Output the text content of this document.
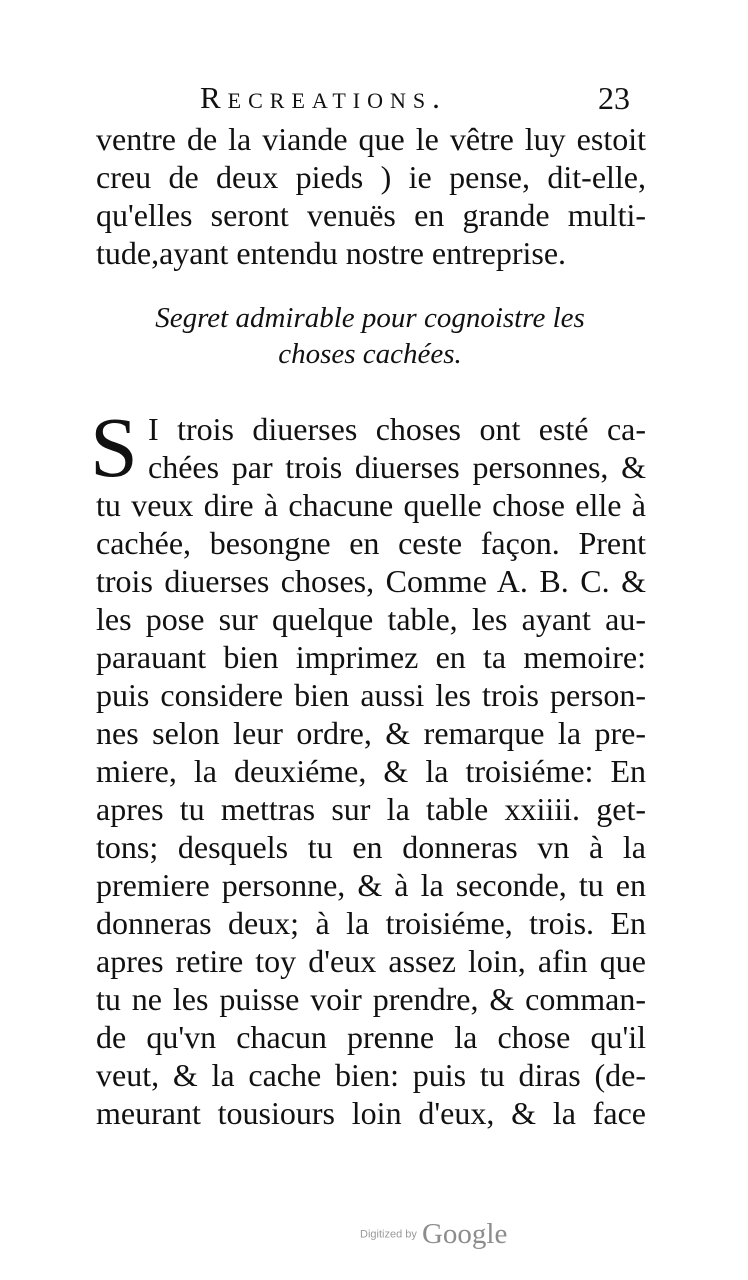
Recreations.	23
ventre de la viande que le vêtre luy estoit
creu de deux pieds ) ie pense, dit-elle,
qu'elles seront venuës en grande multi-
tude,ayant entendu nostre entreprise.
Segret admirable pour cognoistre les
choses cachées.
S I trois diuerses choses ont esté ca-
chées par trois diuerses personnes, &
tu veux dire à chacune quelle chose elle à
cachée, besongne en ceste façon. Prent
trois diuerses choses, Comme A. B. C. &
les pose sur quelque table, les ayant au-
parauant bien imprimez en ta memoire:
puis considere bien aussi les trois person-
nes selon leur ordre, & remarque la pre-
miere, la deuxiéme, & la troisiéme: En
apres tu mettras sur la table xxiiii. get-
tons; desquels tu en donneras vn à la
premiere personne, & à la seconde, tu en
donneras deux; à la troisiéme, trois. En
apres retire toy d'eux assez loin, afin que
tu ne les puisse voir prendre, & comman-
de qu'vn chacun prenne la chose qu'il
veut, & la cache bien: puis tu diras (de-
meurant tousiours loin d'eux, & la face
Digitized by Google
